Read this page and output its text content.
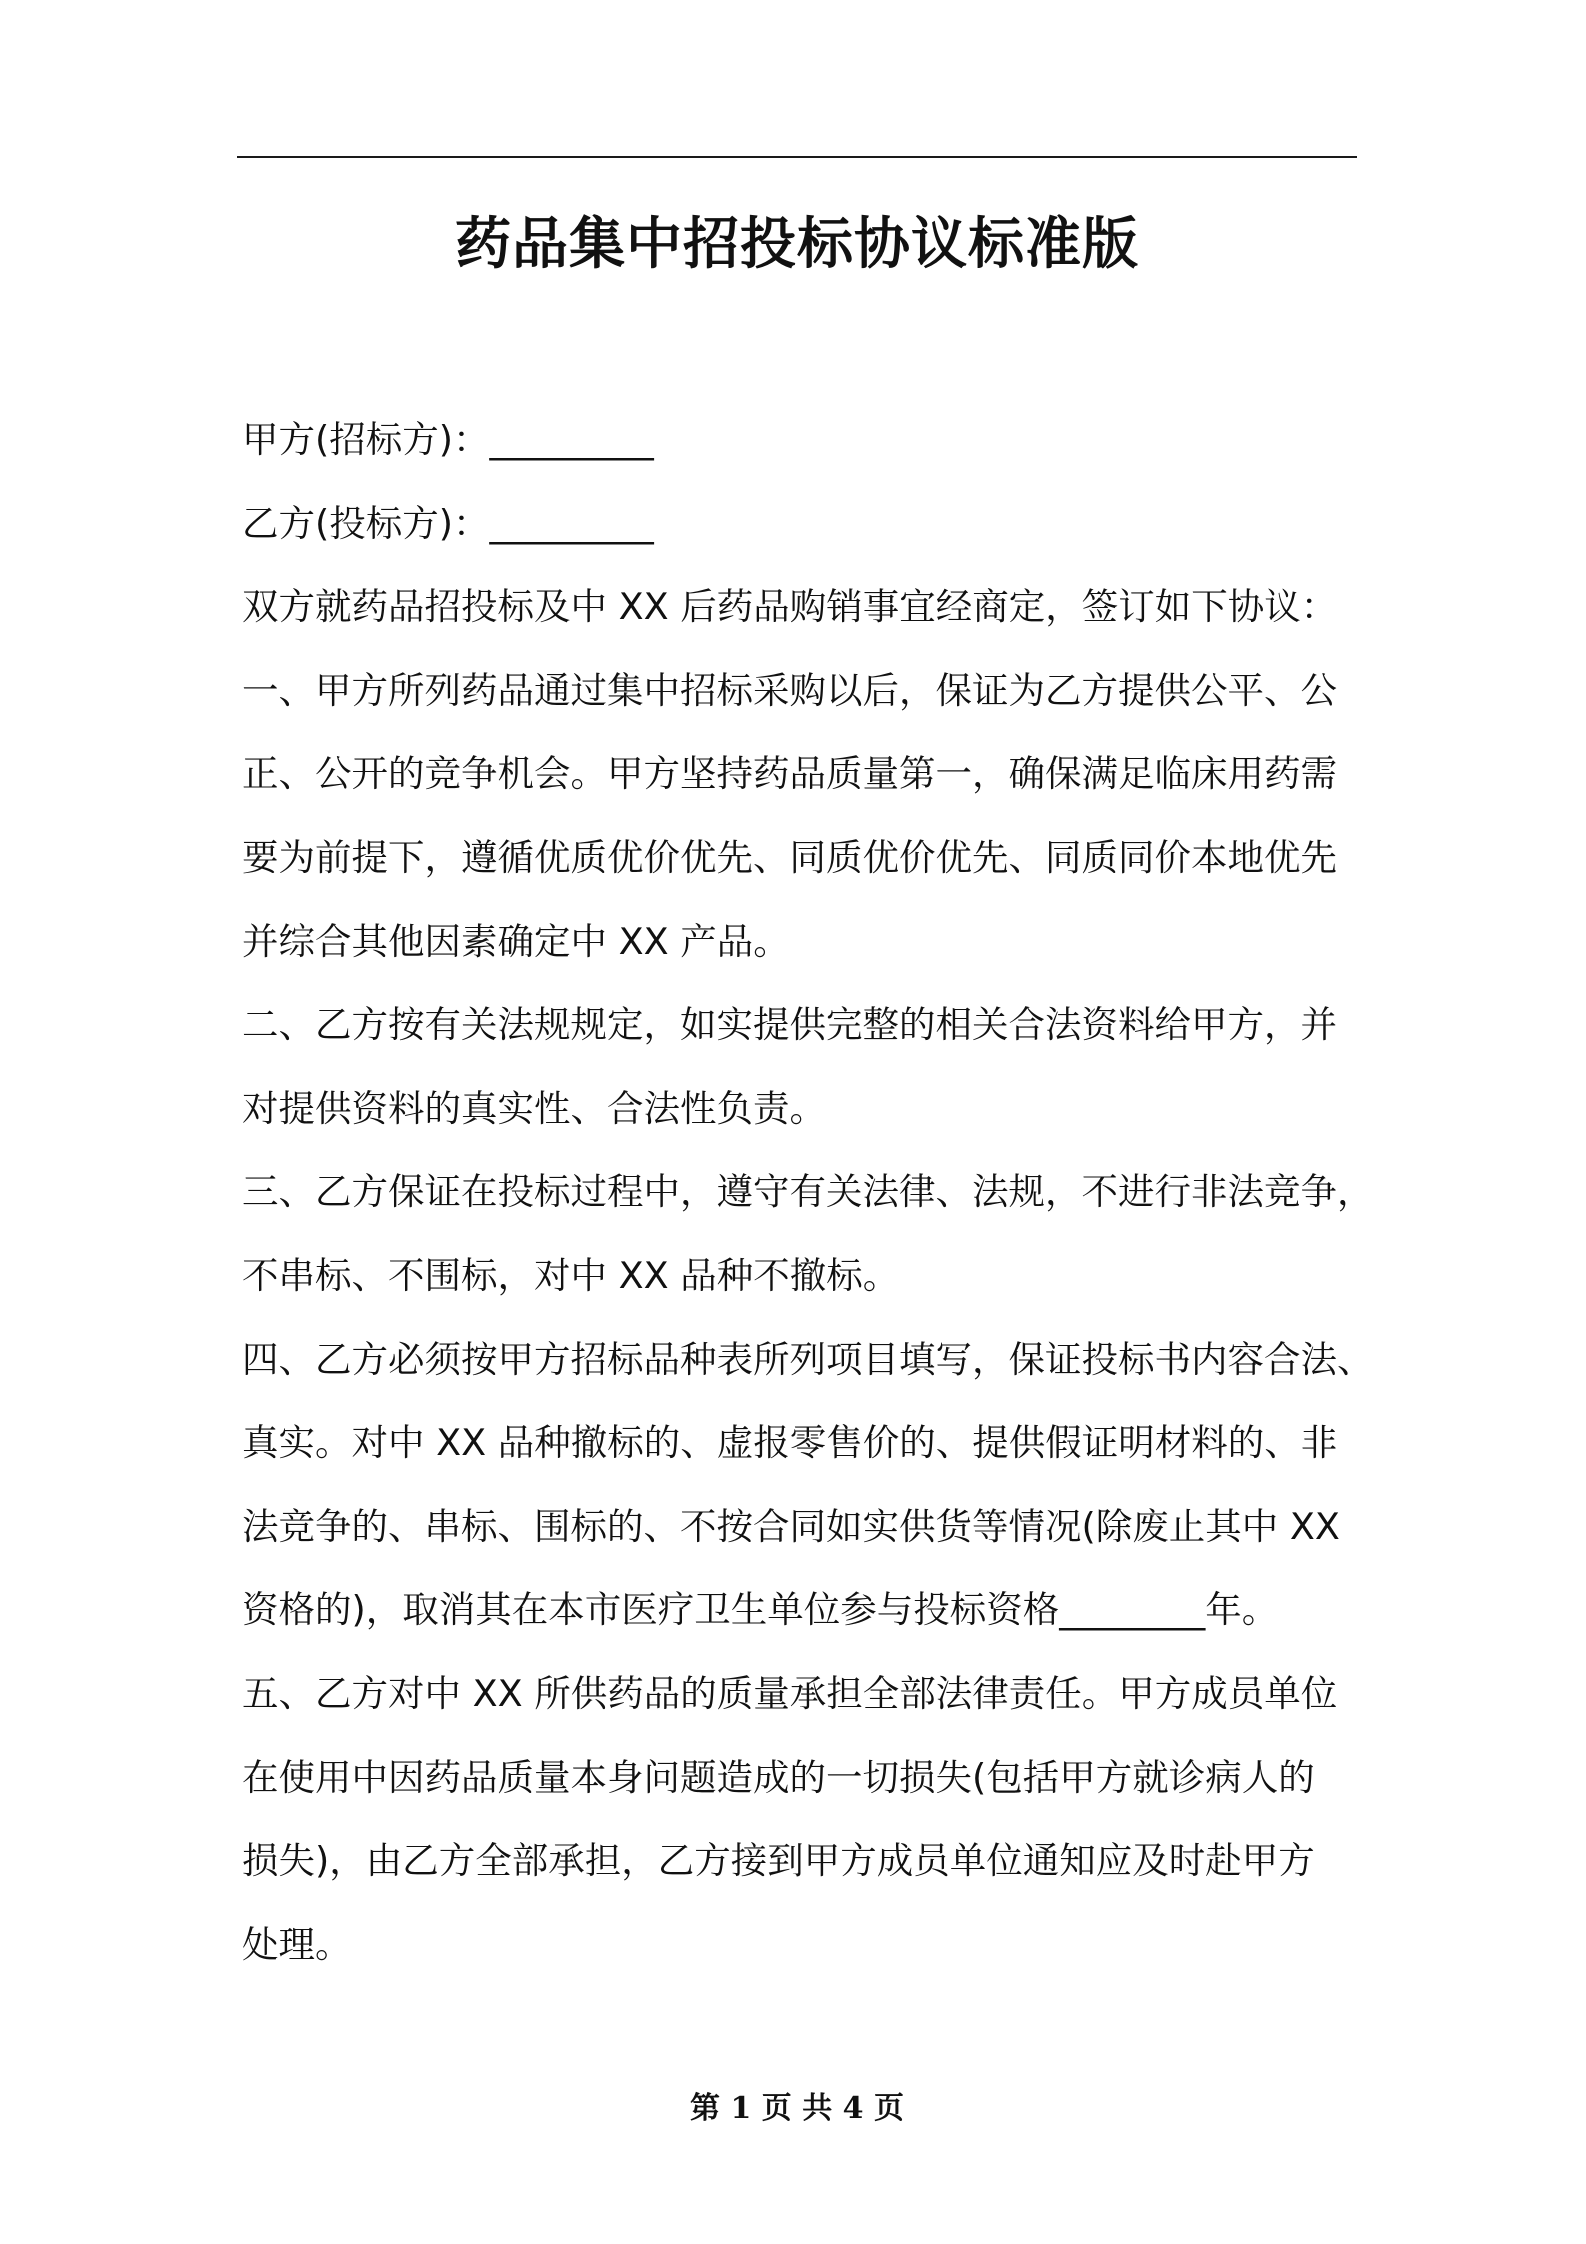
药品集中招投标协议标准版
甲方(招标方)：_________
乙方(投标方)：_________
双方就药品招投标及中 XX 后药品购销事宜经商定，签订如下协议：
一、甲方所列药品通过集中招标采购以后，保证为乙方提供公平、公
正、公开的竞争机会。甲方坚持药品质量第一，确保满足临床用药需
要为前提下，遵循优质优价优先、同质优价优先、同质同价本地优先
并综合其他因素确定中 XX 产品。
二、乙方按有关法规规定，如实提供完整的相关合法资料给甲方，并
对提供资料的真实性、合法性负责。
三、乙方保证在投标过程中，遵守有关法律、法规，不进行非法竞争，
不串标、不围标，对中 XX 品种不撤标。
四、乙方必须按甲方招标品种表所列项目填写，保证投标书内容合法、
真实。对中 XX 品种撤标的、虚报零售价的、提供假证明材料的、非
法竞争的、串标、围标的、不按合同如实供货等情况(除废止其中 XX
资格的)，取消其在本市医疗卫生单位参与投标资格________年。
五、乙方对中 XX 所供药品的质量承担全部法律责任。甲方成员单位
在使用中因药品质量本身问题造成的一切损失(包括甲方就诊病人的
损失)，由乙方全部承担，乙方接到甲方成员单位通知应及时赴甲方
处理。
第 1 页 共 4 页
